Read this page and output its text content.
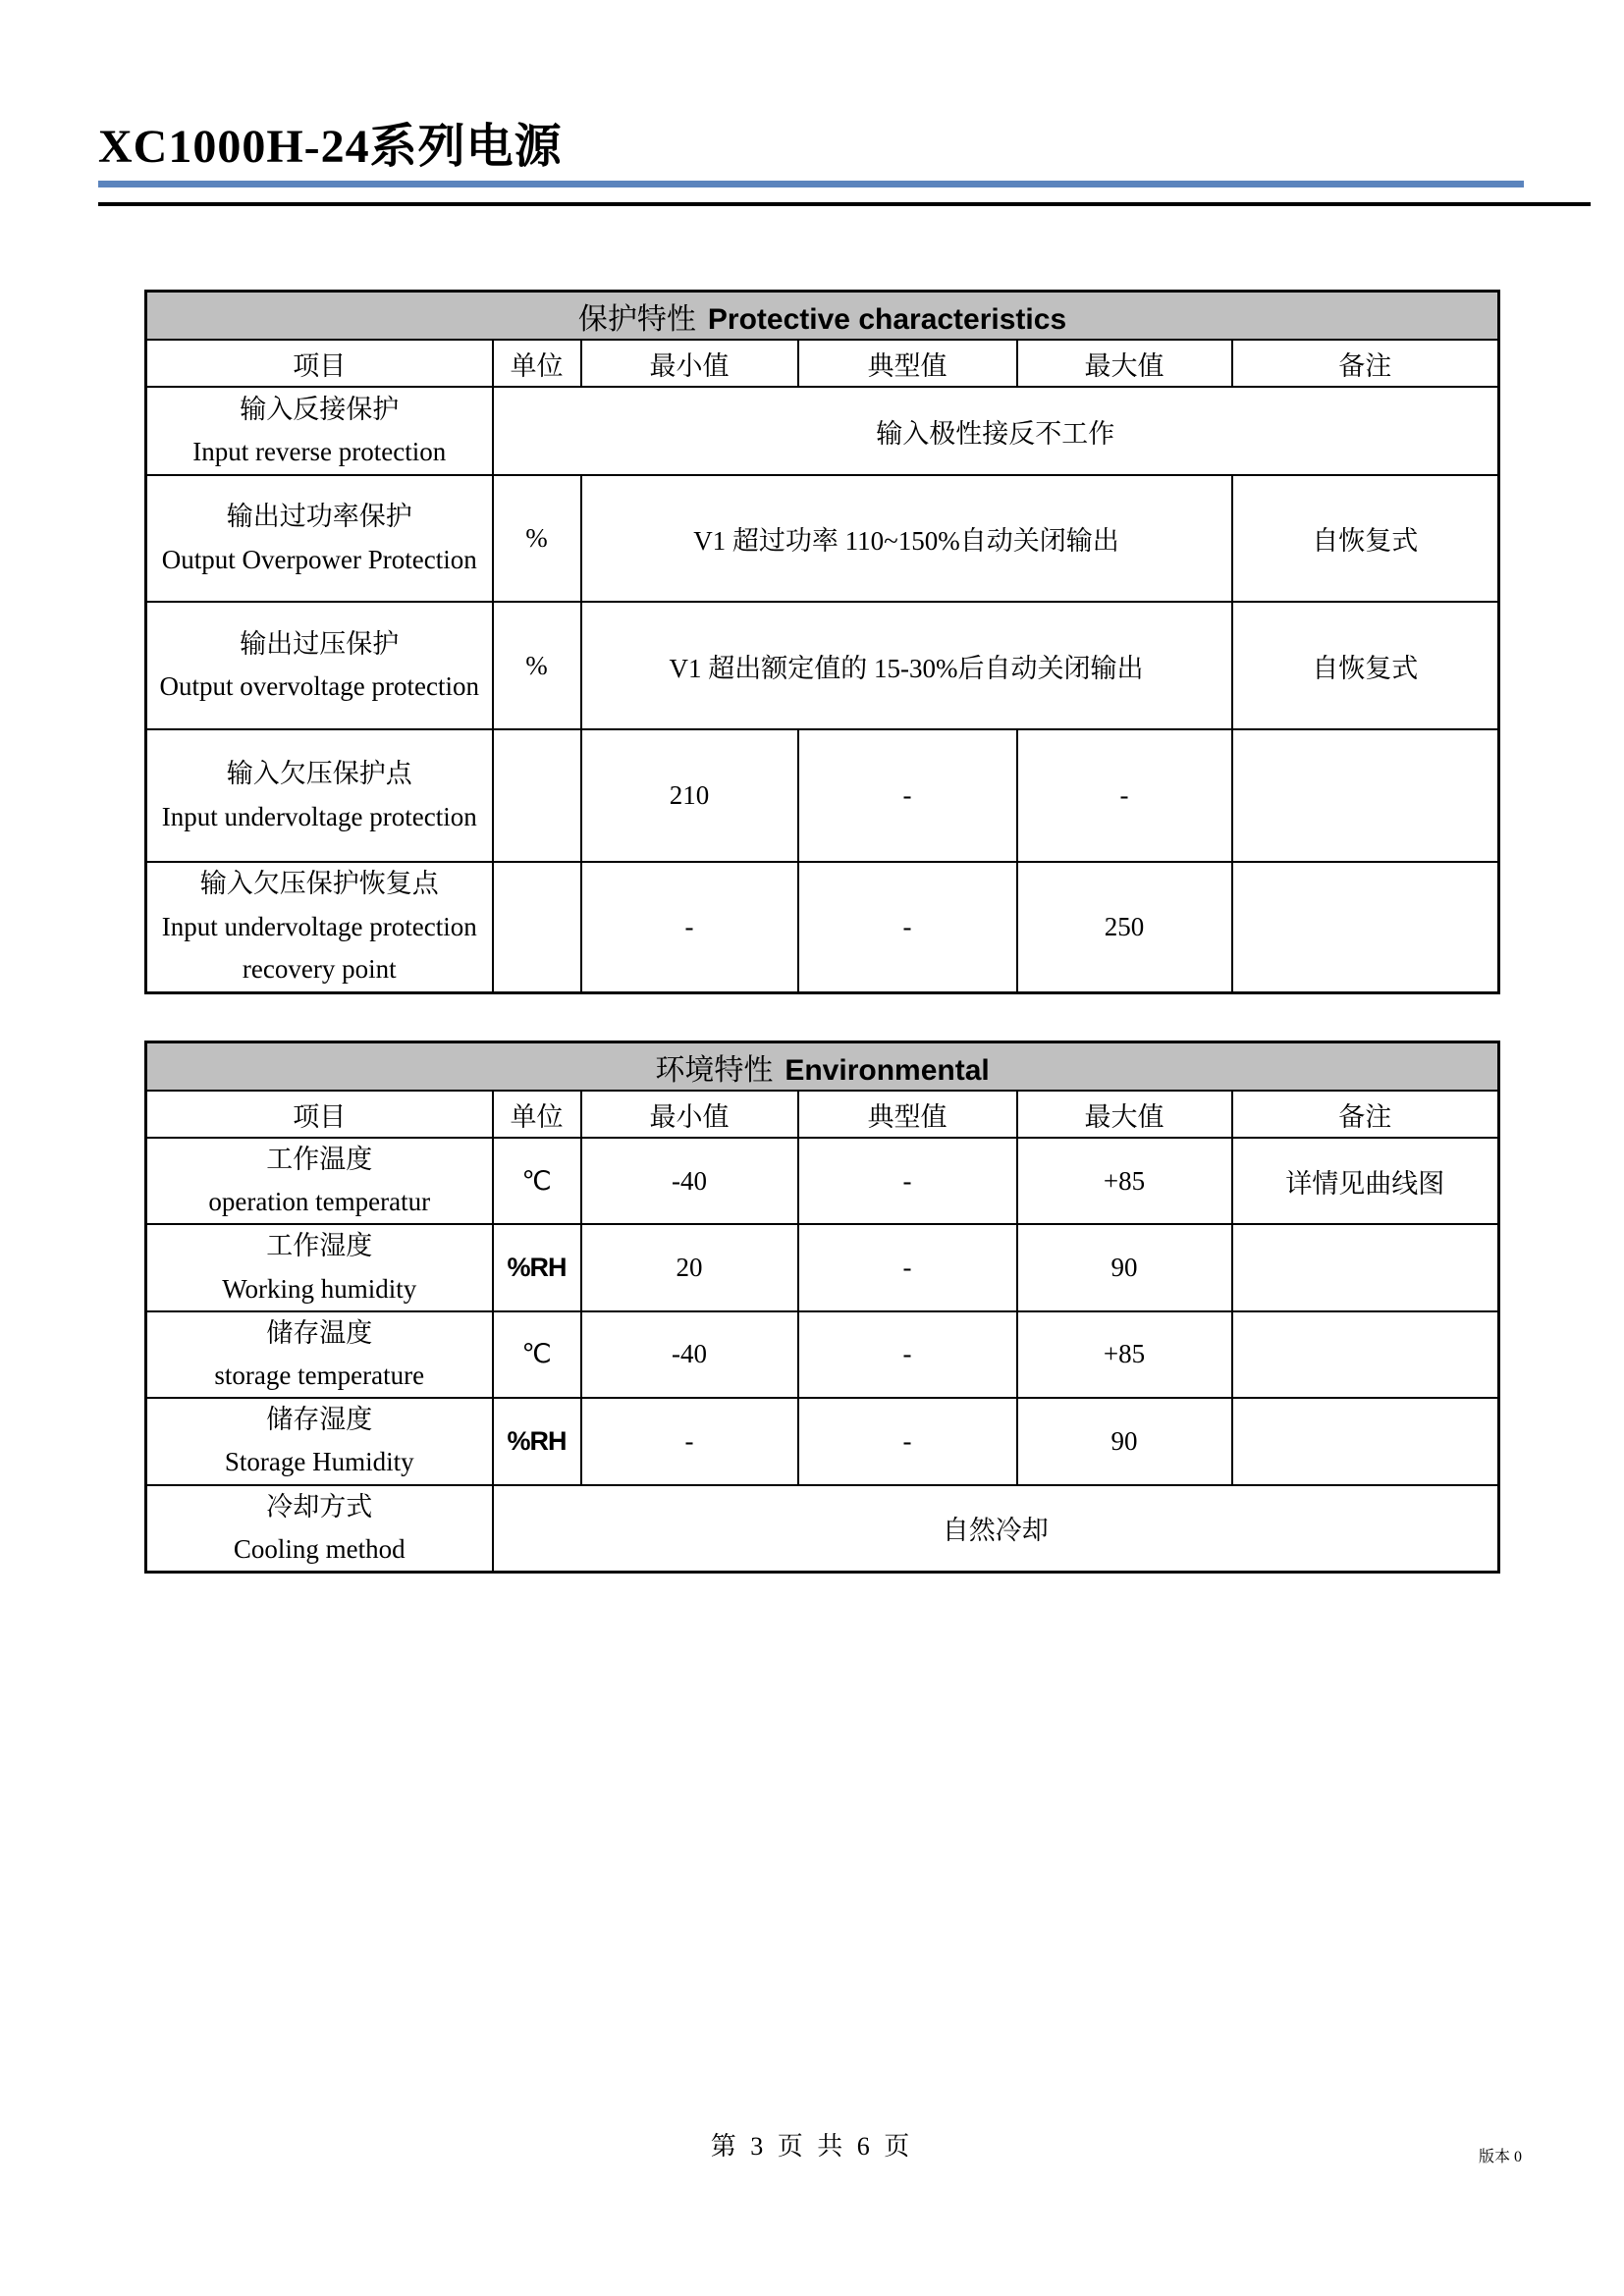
XC1000H-24系列电源
保护特性 Protective characteristics					
项目	单位	最小值	典型值	最大值	备注

输入反接保护
Input reverse protection	输入极性接反不工作				

输出过功率保护
Output Overpower Protection	%	V1 超过功率 110~150%自动关闭输出			自恢复式

输出过压保护
Output overvoltage protection	%	V1 超出额定值的 15-30%后自动关闭输出			自恢复式

输入欠压保护点
Input undervoltage protection		210	-	-	

输入欠压保护恢复点
Input undervoltage protection recovery point		-	-	250	
环境特性 Environmental					
项目	单位	最小值	典型值	最大值	备注

工作温度
operation temperatur	℃	-40	-	+85	详情见曲线图

工作湿度
Working humidity	%RH	20	-	90	

储存温度
storage temperature	℃	-40	-	+85	

储存湿度
Storage Humidity	%RH	-	-	90	

冷却方式
Cooling method	自然冷却				
第 3 页 共 6 页	版本 0
